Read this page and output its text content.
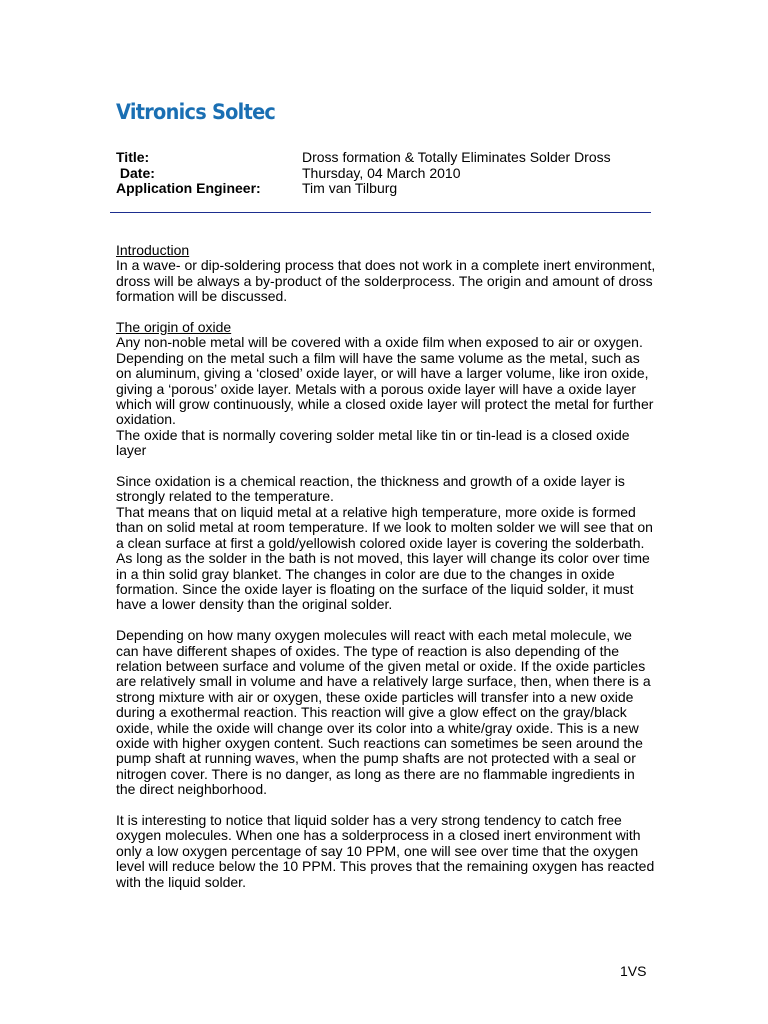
Vitronics Soltec
Title:	Dross formation & Totally Eliminates Solder Dross
Date:	Thursday, 04 March 2010
Application Engineer:	Tim van Tilburg
Introduction

In a wave- or dip-soldering process that does not work in a complete inert environment, dross will be always a by-product of the solderprocess. The origin and amount of dross formation will be discussed.

The origin of oxide

Any non-noble metal will be covered with a oxide film when exposed to air or oxygen. Depending on the metal such a film will have the same volume as the metal, such as on aluminum, giving a ‘closed’ oxide layer, or will have a larger volume, like iron oxide, giving a ‘porous’ oxide layer. Metals with a porous oxide layer will have a oxide layer which will grow continuously, while a closed oxide layer will protect the metal for further oxidation.

The oxide that is normally covering solder metal like tin or tin-lead is a closed oxide layer

Since oxidation is a chemical reaction, the thickness and growth of a oxide layer is strongly related to the temperature.

That means that on liquid metal at a relative high temperature, more oxide is formed than on solid metal at room temperature. If we look to molten solder we will see that on a clean surface at first a gold/yellowish colored oxide layer is covering the solderbath. As long as the solder in the bath is not moved, this layer will change its color over time in a thin solid gray blanket. The changes in color are due to the changes in oxide formation. Since the oxide layer is floating on the surface of the liquid solder, it must have a lower density than the original solder.

Depending on how many oxygen molecules will react with each metal molecule, we can have different shapes of oxides. The type of reaction is also depending of the relation between surface and volume of the given metal or oxide. If the oxide particles are relatively small in volume and have a relatively large surface, then, when there is a strong mixture with air or oxygen, these oxide particles will transfer into a new oxide during a exothermal reaction. This reaction will give a glow effect on the gray/black oxide, while the oxide will change over its color into a white/gray oxide. This is a new oxide with higher oxygen content. Such reactions can sometimes be seen around the pump shaft at running waves, when the pump shafts are not protected with a seal or nitrogen cover. There is no danger, as long as there are no flammable ingredients in the direct neighborhood.

It is interesting to notice that liquid solder has a very strong tendency to catch free oxygen molecules. When one has a solderprocess in a closed inert environment with only a low oxygen percentage of say 10 PPM, one will see over time that the oxygen level will reduce below the 10 PPM. This proves that the remaining oxygen has reacted with the liquid solder.

1VS
